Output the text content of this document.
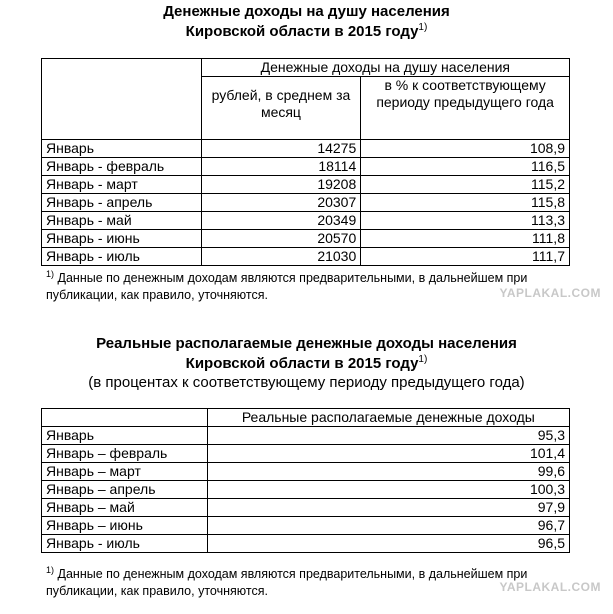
Денежные доходы на душу населения
Кировской области в 2015 году$^{1)}$
	Денежные доходы на душу населения	
	рублей, в среднем за месяц	в % к соответствующему периоду предыдущего года
Январь	14275	108,9
Январь - февраль	18114	116,5
Январь - март	19208	115,2
Январь - апрель	20307	115,8
Январь - май	20349	113,3
Январь - июнь	20570	111,8
Январь - июль	21030	111,7
$^{1)}$ Данные по денежным доходам являются предварительными, в дальнейшем при публикации, как правило, уточняются.
Реальные располагаемые денежные доходы населения
Кировской области в 2015 году$^{1)}$
(в процентах к соответствующему периоду предыдущего года)
	Реальные располагаемые денежные доходы
Январь	95,3
Январь – февраль	101,4
Январь – март	99,6
Январь – апрель	100,3
Январь – май	97,9
Январь – июнь	96,7
Январь - июль	96,5
$^{1)}$ Данные по денежным доходам являются предварительными, в дальнейшем при публикации, как правило, уточняются.
YAPLAKAL.COM
YAPLAKAL.COM
